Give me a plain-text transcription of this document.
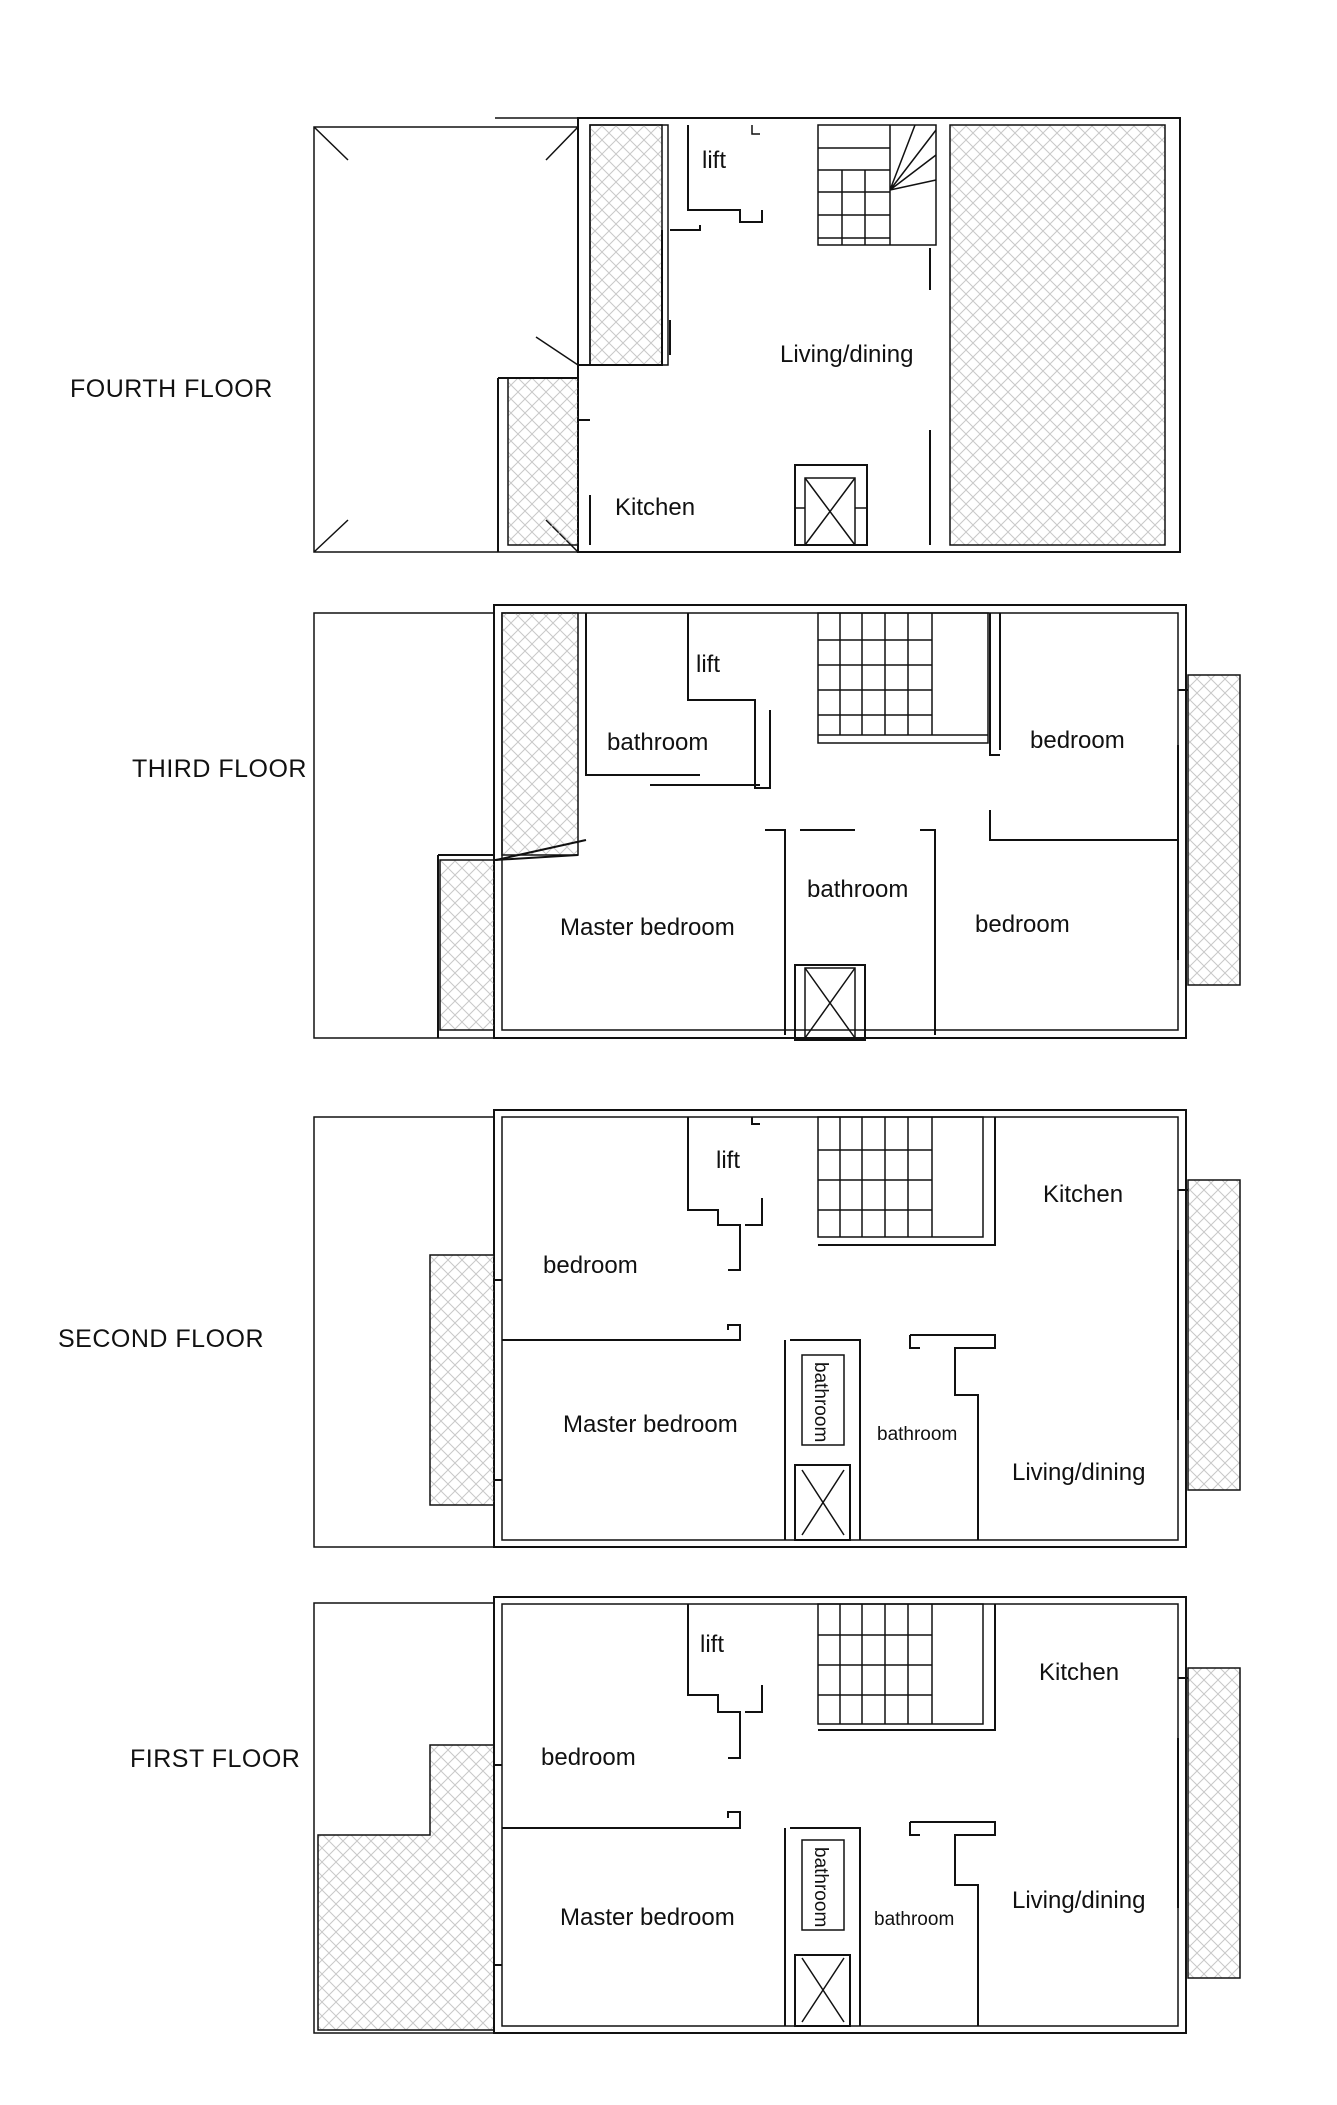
FOURTH FLOOR
lift
Living/dining
Kitchen
THIRD FLOOR
lift
bathroom	bedroom
bathroom
bedroom
Master bedroom
SECOND FLOOR
lift
Kitchen
bedroom
Master bedroom	bathroom bathroom
Living/dining
FIRST FLOOR
lift
Kitchen
bedroom
Master bedroom	bathroom bathroom
Living/dining
